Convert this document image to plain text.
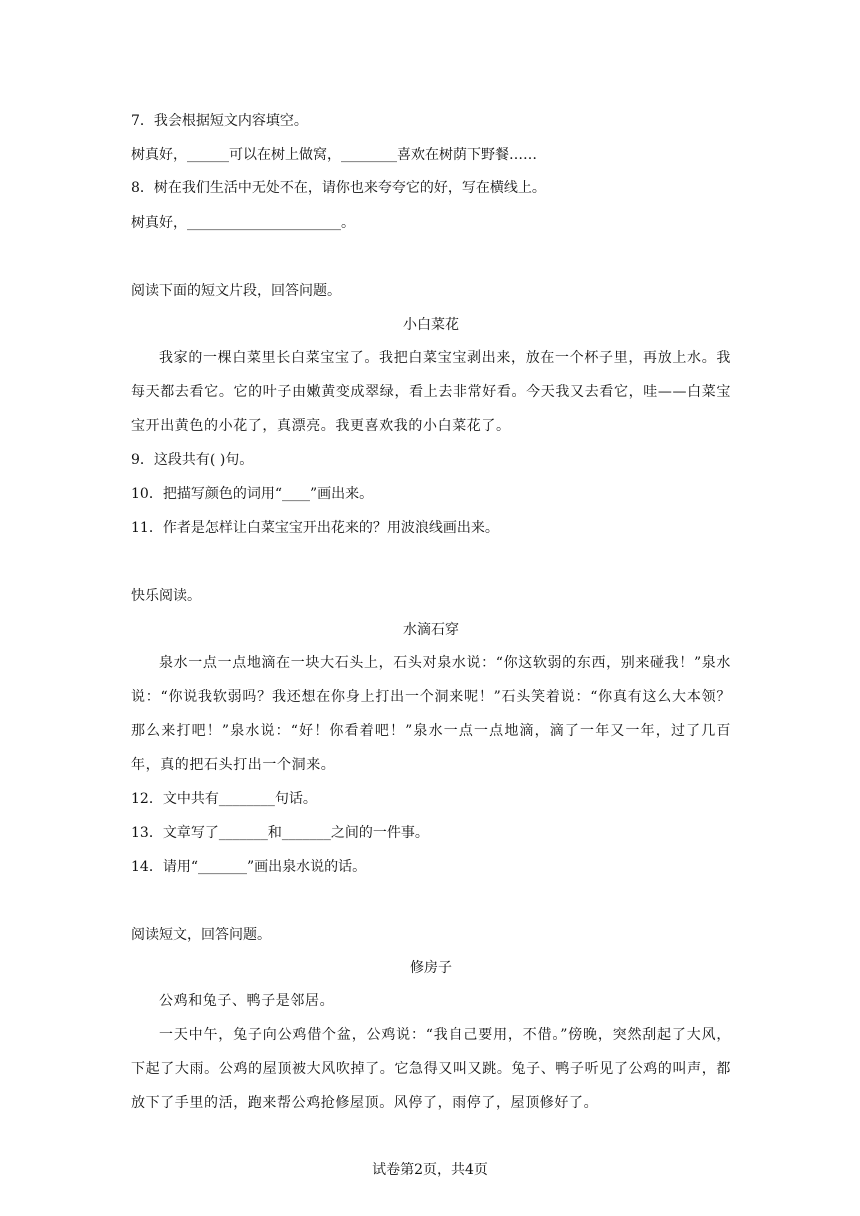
7．我会根据短文内容填空。
树真好，______可以在树上做窝，________喜欢在树荫下野餐……
8．树在我们生活中无处不在，请你也来夸夸它的好，写在横线上。
树真好，______________________。
阅读下面的短文片段，回答问题。
小白菜花
我家的一棵白菜里长白菜宝宝了。我把白菜宝宝剥出来，放在一个杯子里，再放上水。我每天都去看它。它的叶子由嫩黄变成翠绿，看上去非常好看。今天我又去看它，哇——白菜宝宝开出黄色的小花了，真漂亮。我更喜欢我的小白菜花了。
9．这段共有( )句。
10．把描写颜色的词用“____”画出来。
11．作者是怎样让白菜宝宝开出花来的？用波浪线画出来。
快乐阅读。
水滴石穿
泉水一点一点地滴在一块大石头上，石头对泉水说：“你这软弱的东西，别来碰我！”泉水说：“你说我软弱吗？我还想在你身上打出一个洞来呢！”石头笑着说：“你真有这么大本领？那么来打吧！”泉水说：“好！你看着吧！”泉水一点一点地滴，滴了一年又一年，过了几百年，真的把石头打出一个洞来。
12．文中共有________句话。
13．文章写了_______和_______之间的一件事。
14．请用“_______”画出泉水说的话。
阅读短文，回答问题。
修房子
公鸡和兔子、鸭子是邻居。
一天中午，兔子向公鸡借个盆，公鸡说：“我自己要用，不借。”傍晚，突然刮起了大风，下起了大雨。公鸡的屋顶被大风吹掉了。它急得又叫又跳。兔子、鸭子听见了公鸡的叫声，都放下了手里的活，跑来帮公鸡抢修屋顶。风停了，雨停了，屋顶修好了。
试卷第2页，共4页
